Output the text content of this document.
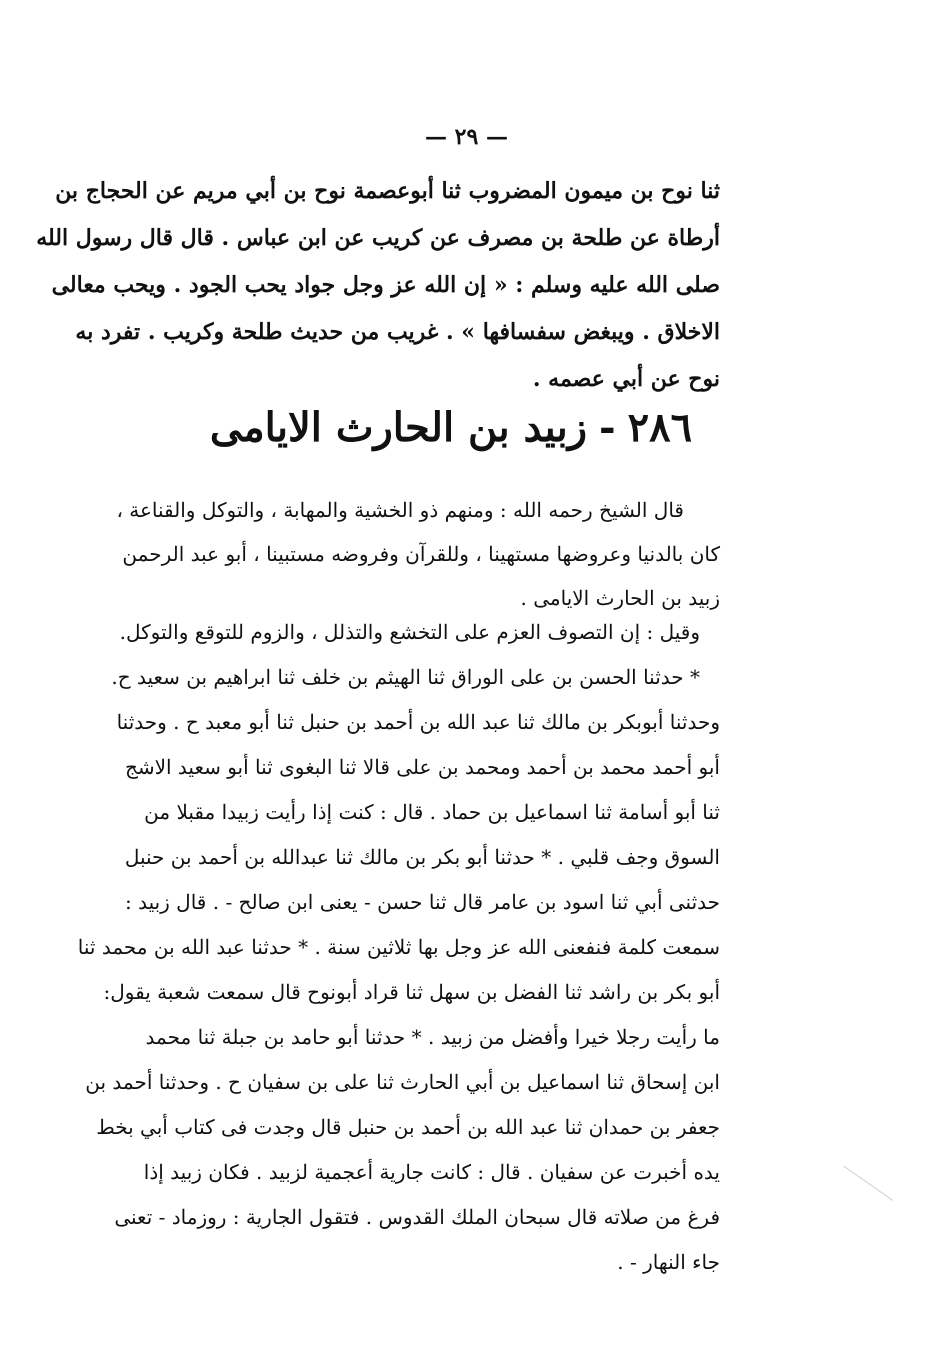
— ٢٩ —
ثنا نوح بن ميمون المضروب ثنا أبوعصمة نوح بن أبي مريم عن الحجاج بن
أرطاة عن طلحة بن مصرف عن كريب عن ابن عباس . قال قال رسول الله
صلى الله عليه وسلم : « إن الله عز وجل جواد يحب الجود . ويحب معالى
الاخلاق . ويبغض سفسافها » . غريب من حديث طلحة وكريب . تفرد به
نوح عن أبي عصمه .
٢٨٦-زبيد بن الحارث الايامى
قال الشيخ رحمه الله : ومنهم ذو الخشية والمهابة ، والتوكل والقناعة ،
كان بالدنيا وعروضها مستهينا ، وللقرآن وفروضه مستبينا ، أبو عبد الرحمن
زبيد بن الحارث الايامى .
وقيل : إن التصوف العزم على التخشع والتذلل ، والزوم للتوقع والتوكل.
* حدثنا الحسن بن على الوراق ثنا الهيثم بن خلف ثنا ابراهيم بن سعيد ح.
وحدثنا أبوبكر بن مالك ثنا عبد الله بن أحمد بن حنبل ثنا أبو معبد ح . وحدثنا
أبو أحمد محمد بن أحمد ومحمد بن على قالا ثنا البغوى ثنا أبو سعيد الاشج
ثنا أبو أسامة ثنا اسماعيل بن حماد . قال : كنت إذا رأيت زبيدا مقبلا من
السوق وجف قلبي . * حدثنا أبو بكر بن مالك ثنا عبدالله بن أحمد بن حنبل
حدثنى أبي ثنا اسود بن عامر قال ثنا حسن - يعنى ابن صالح - . قال زبيد :
سمعت كلمة فنفعنى الله عز وجل بها ثلاثين سنة . * حدثنا عبد الله بن محمد ثنا
أبو بكر بن راشد ثنا الفضل بن سهل ثنا قراد أبونوح قال سمعت شعبة يقول:
ما رأيت رجلا خيرا وأفضل من زبيد . * حدثنا أبو حامد بن جبلة ثنا محمد
ابن إسحاق ثنا اسماعيل بن أبي الحارث ثنا على بن سفيان ح . وحدثنا أحمد بن
جعفر بن حمدان ثنا عبد الله بن أحمد بن حنبل قال وجدت فى كتاب أبي بخط
يده أخبرت عن سفيان . قال : كانت جارية أعجمية لزبيد . فكان زبيد إذا
فرغ من صلاته قال سبحان الملك القدوس . فتقول الجارية : روزماد - تعنى
جاء النهار - .
